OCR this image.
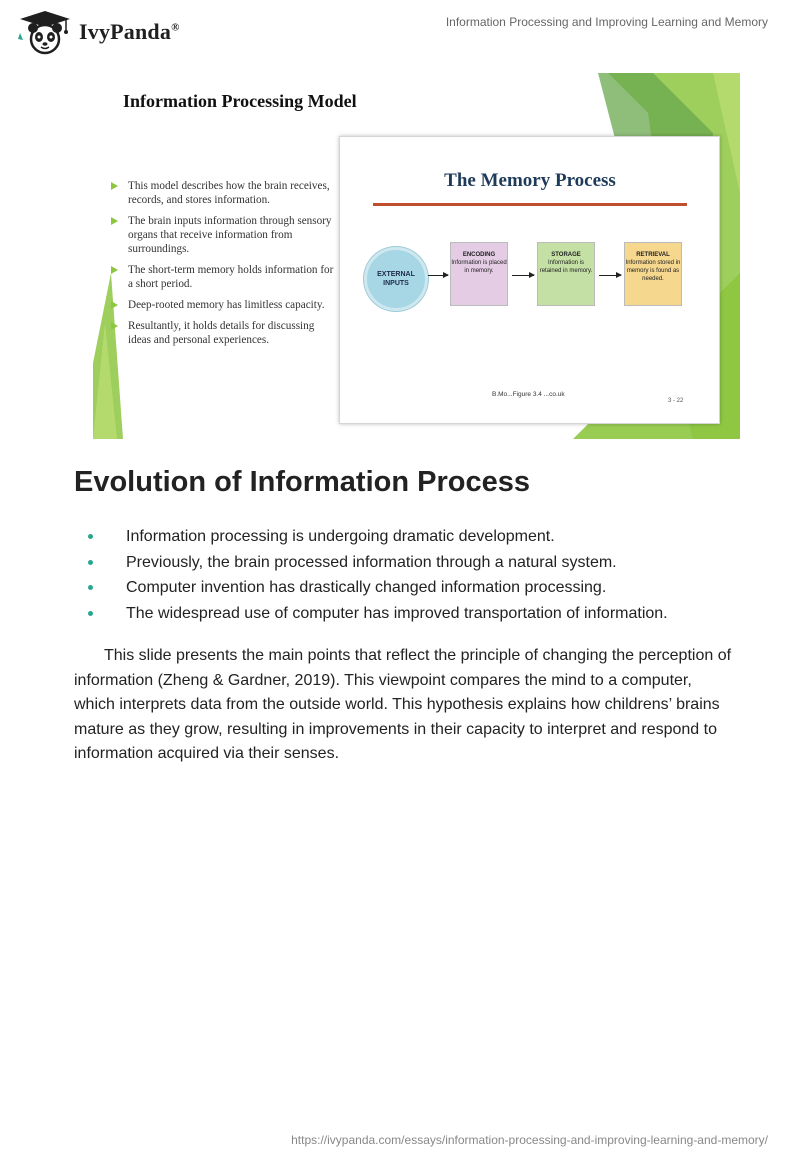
IvyPanda®	Information Processing and Improving Learning and Memory
Information Processing Model
This model describes how the brain receives, records, and stores information.
The brain inputs information through sensory organs that receive information from surroundings.
The short-term memory holds information for a short period.
Deep-rooted memory has limitless capacity.
Resultantly, it holds details for discussing ideas and personal experiences.
The Memory Process
EXTERNAL INPUTS
ENCODING
Information is placed in memory.
STORAGE
Information is retained in memory.
RETRIEVAL
Information stored in memory is found as needed.
B.Mo...Figure 3.4 ...co.uk
3 - 22
Evolution of Information Process
Information processing is undergoing dramatic development.
Previously, the brain processed information through a natural system.
Computer invention has drastically changed information processing.
The widespread use of computer has improved transportation of information.

This slide presents the main points that reflect the principle of changing the perception of information (Zheng & Gardner, 2019). This viewpoint compares the mind to a computer, which interprets data from the outside world. This hypothesis explains how childrens’ brains mature as they grow, resulting in improvements in their capacity to interpret and respond to information acquired via their senses.

https://ivypanda.com/essays/information-processing-and-improving-learning-and-memory/
